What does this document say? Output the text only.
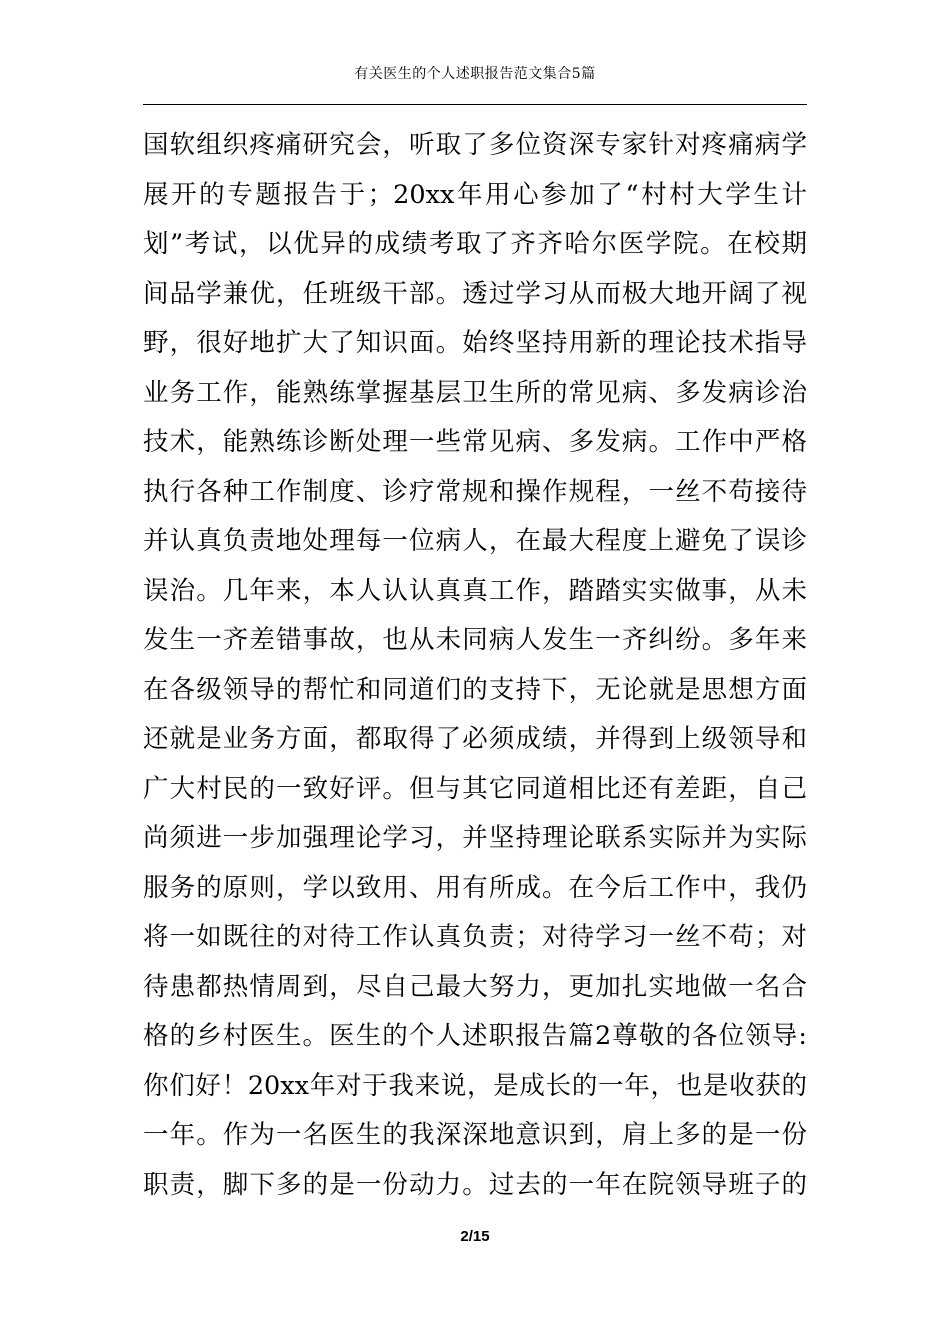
有关医生的个人述职报告范文集合5篇
国软组织疼痛研究会，听取了多位资深专家针对疼痛病学
展开的专题报告于；20xx年用心参加了“村村大学生计
划”考试，以优异的成绩考取了齐齐哈尔医学院。在校期
间品学兼优，任班级干部。透过学习从而极大地开阔了视
野，很好地扩大了知识面。始终坚持用新的理论技术指导
业务工作，能熟练掌握基层卫生所的常见病、多发病诊治
技术，能熟练诊断处理一些常见病、多发病。工作中严格
执行各种工作制度、诊疗常规和操作规程，一丝不苟接待
并认真负责地处理每一位病人，在最大程度上避免了误诊
误治。几年来，本人认认真真工作，踏踏实实做事，从未
发生一齐差错事故，也从未同病人发生一齐纠纷。多年来
在各级领导的帮忙和同道们的支持下，无论就是思想方面
还就是业务方面，都取得了必须成绩，并得到上级领导和
广大村民的一致好评。但与其它同道相比还有差距，自己
尚须进一步加强理论学习，并坚持理论联系实际并为实际
服务的原则，学以致用、用有所成。在今后工作中，我仍
将一如既往的对待工作认真负责；对待学习一丝不苟；对
待患都热情周到，尽自己最大努力，更加扎实地做一名合
格的乡村医生。医生的个人述职报告篇2尊敬的各位领导:
你们好！20xx年对于我来说，是成长的一年，也是收获的
一年。作为一名医生的我深深地意识到，肩上多的是一份
职责，脚下多的是一份动力。过去的一年在院领导班子的
2/15
